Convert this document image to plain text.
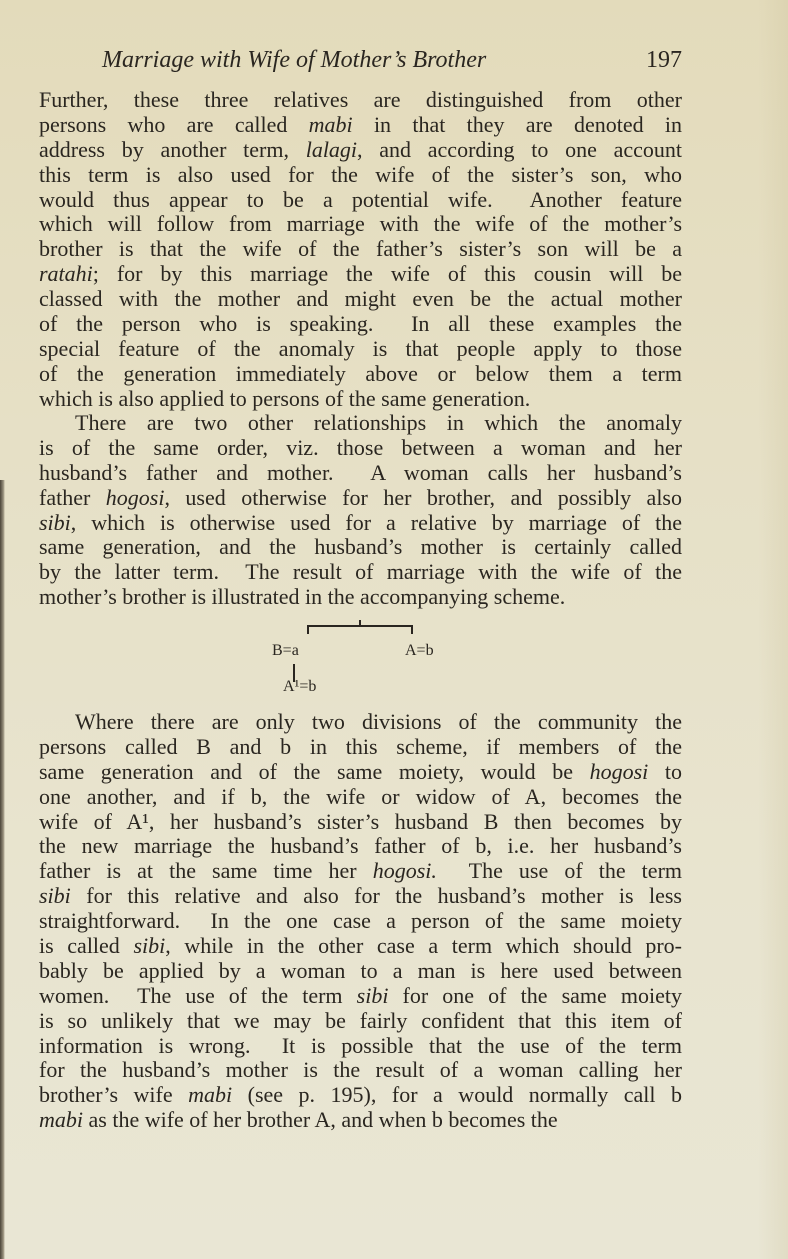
Marriage with Wife of Mother’s Brother	197
Further, these three relatives are distinguished from other
persons who are called mabi in that they are denoted in
address by another term, lalagi, and according to one account
this term is also used for the wife of the sister’s son, who
would thus appear to be a potential wife.  Another feature
which will follow from marriage with the wife of the mother’s
brother is that the wife of the father’s sister’s son will be a
ratahi; for by this marriage the wife of this cousin will be
classed with the mother and might even be the actual mother
of the person who is speaking.  In all these examples the
special feature of the anomaly is that people apply to those
of the generation immediately above or below them a term
which is also applied to persons of the same generation.
There are two other relationships in which the anomaly
is of the same order, viz. those between a woman and her
husband’s father and mother.  A woman calls her husband’s
father hogosi, used otherwise for her brother, and possibly also
sibi, which is otherwise used for a relative by marriage of the
same generation, and the husband’s mother is certainly called
by the latter term.  The result of marriage with the wife of the
mother’s brother is illustrated in the accompanying scheme.
B=a	A=b
A¹=b
Where there are only two divisions of the community the
persons called B and b in this scheme, if members of the
same generation and of the same moiety, would be hogosi to
one another, and if b, the wife or widow of A, becomes the
wife of A¹, her husband’s sister’s husband B then becomes by
the new marriage the husband’s father of b, i.e. her husband’s
father is at the same time her hogosi.  The use of the term
sibi for this relative and also for the husband’s mother is less
straightforward.  In the one case a person of the same moiety
is called sibi, while in the other case a term which should pro-
bably be applied by a woman to a man is here used between
women.  The use of the term sibi for one of the same moiety
is so unlikely that we may be fairly confident that this item of
information is wrong.  It is possible that the use of the term
for the husband’s mother is the result of a woman calling her
brother’s wife mabi (see p. 195), for a would normally call b
mabi as the wife of her brother A, and when b becomes the
